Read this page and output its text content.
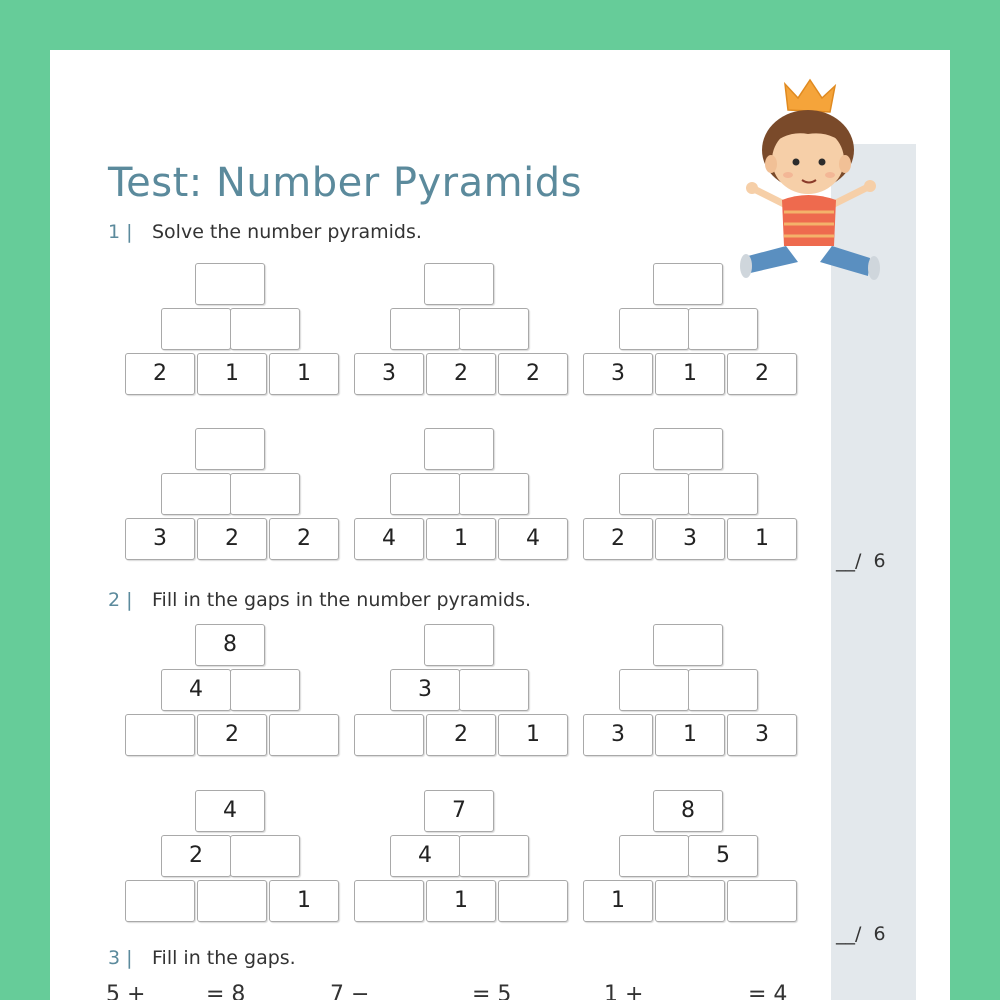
Test: Number Pyramids
1 | Solve the number pyramids.
2 | Fill in the gaps in the number pyramids.
3 | Fill in the gaps.
2	1	1	3	2	2	3	1	2
3	2	2	4	1	4	2	3	1
8
4
2
3
2	1	3	1	3
4
2
1
7
4
1
8
5
1
__/  6
__/  6
5 +	= 8	7 −	= 5	1 +	= 4
